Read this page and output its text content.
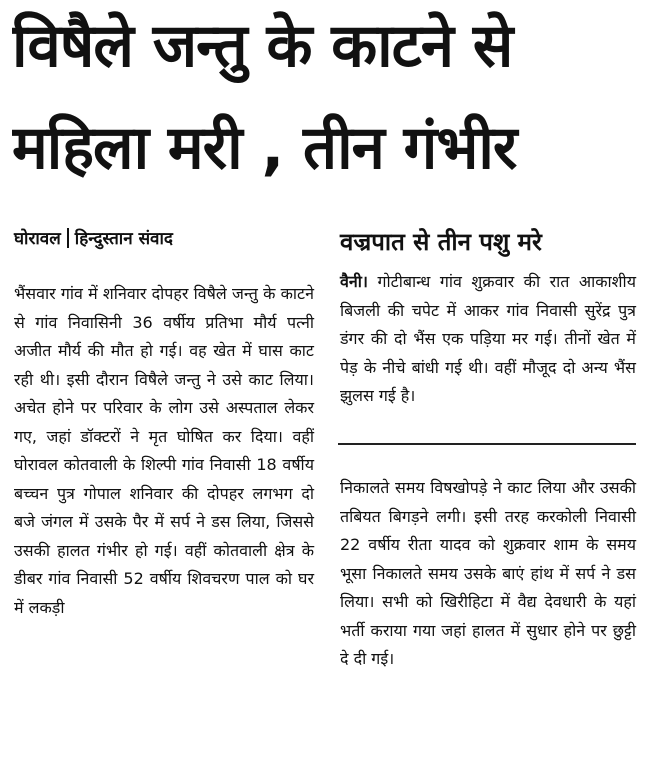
विषैले जन्तु के काटने से
महिला मरी , तीन गंभीर
घोरावल हिन्दुस्तान संवाद
भैंसवार गांव में शनिवार दोपहर विषैले जन्तु के काटने से गांव निवासिनी 36 वर्षीय प्रतिभा मौर्य पत्नी अजीत मौर्य की मौत हो गई। वह खेत में घास काट रही थी। इसी दौरान विषैले जन्तु ने उसे काट लिया। अचेत होने पर परिवार के लोग उसे अस्पताल लेकर गए, जहां डॉक्टरों ने मृत घोषित कर दिया। वहीं घोरावल कोतवाली के शिल्पी गांव निवासी 18 वर्षीय बच्चन पुत्र गोपाल शनिवार की दोपहर लगभग दो बजे जंगल में उसके पैर में सर्प ने डस लिया, जिससे उसकी हालत गंभीर हो गई। वहीं कोतवाली क्षेत्र के डीबर गांव निवासी 52 वर्षीय शिवचरण पाल को घर में लकड़ी
वज्रपात से तीन पशु मरे
वैनी। गोटीबान्ध गांव शुक्रवार की रात आकाशीय बिजली की चपेट में आकर गांव निवासी सुरेंद्र पुत्र डंगर की दो भैंस एक पड़िया मर गई। तीनों खेत में पेड़ के नीचे बांधी गई थी। वहीं मौजूद दो अन्य भैंस झुलस गई है।
निकालते समय विषखोपड़े ने काट लिया और उसकी तबियत बिगड़ने लगी। इसी तरह करकोली निवासी 22 वर्षीय रीता यादव को शुक्रवार शाम के समय भूसा निकालते समय उसके बाएं हांथ में सर्प ने डस लिया। सभी को खिरीहिटा में वैद्य देवधारी के यहां भर्ती कराया गया जहां हालत में सुधार होने पर छुट्टी दे दी गई।
